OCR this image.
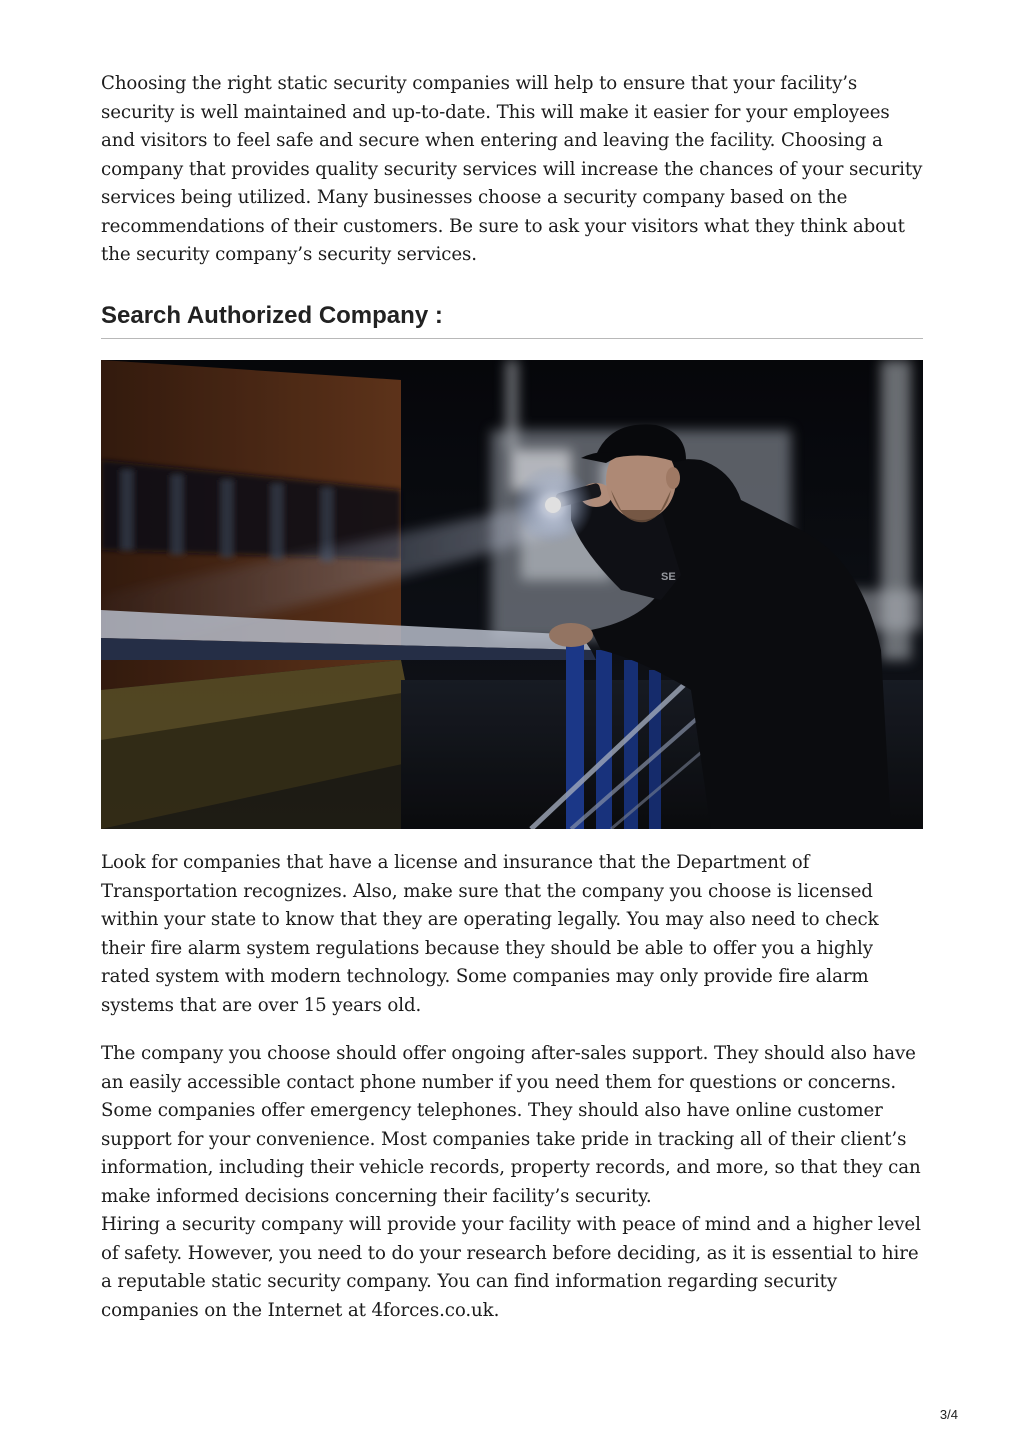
Choosing the right static security companies will help to ensure that your facility’s security is well maintained and up-to-date. This will make it easier for your employees and visitors to feel safe and secure when entering and leaving the facility. Choosing a company that provides quality security services will increase the chances of your security services being utilized. Many businesses choose a security company based on the recommendations of their customers. Be sure to ask your visitors what they think about the security company’s security services.

Search Authorized Company :
SE

Look for companies that have a license and insurance that the Department of Transportation recognizes. Also, make sure that the company you choose is licensed within your state to know that they are operating legally. You may also need to check their fire alarm system regulations because they should be able to offer you a highly rated system with modern technology. Some companies may only provide fire alarm systems that are over 15 years old.

The company you choose should offer ongoing after-sales support. They should also have an easily accessible contact phone number if you need them for questions or concerns. Some companies offer emergency telephones. They should also have online customer support for your convenience. Most companies take pride in tracking all of their client’s information, including their vehicle records, property records, and more, so that they can make informed decisions concerning their facility’s security.

Hiring a security company will provide your facility with peace of mind and a higher level of safety. However, you need to do your research before deciding, as it is essential to hire a reputable static security company. You can find information regarding security companies on the Internet at 4forces.co.uk.

3/4
